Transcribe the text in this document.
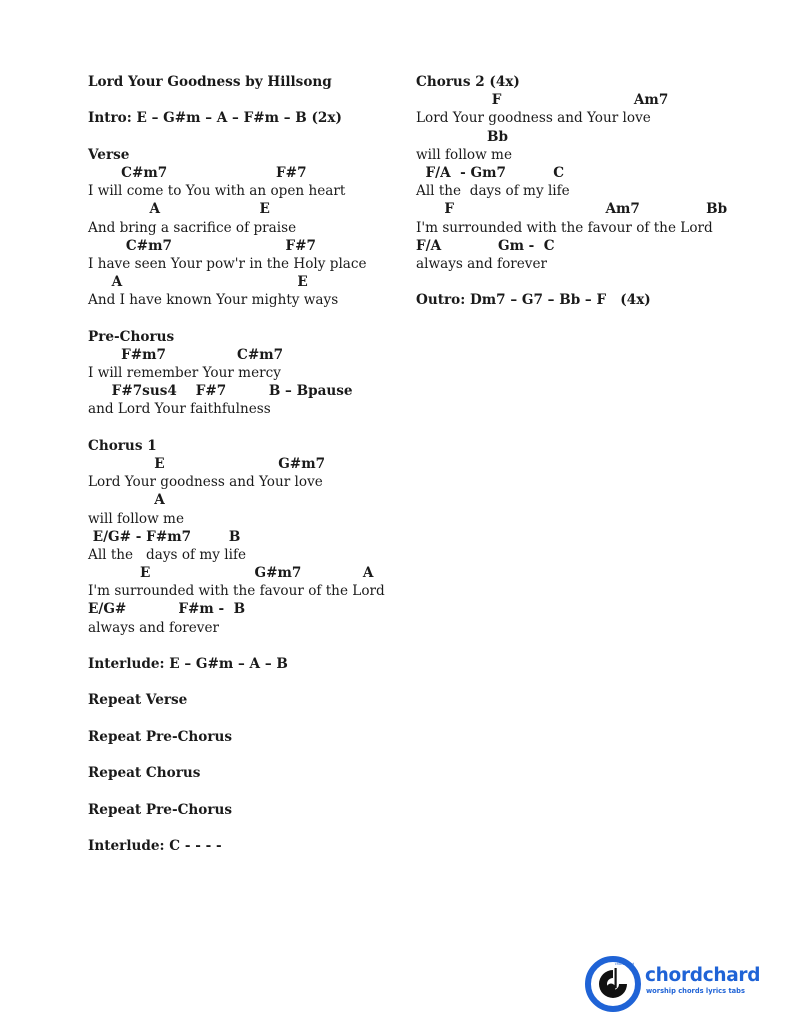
Lord Your Goodness by Hillsong
Intro: E – G#m – A – F#m – B (2x)
Verse
C#m7                       F#7
I will come to You with an open heart
A                     E
And bring a sacrifice of praise
C#m7                        F#7
I have seen Your pow'r in the Holy place
A                                     E
And I have known Your mighty ways
Pre-Chorus
F#m7               C#m7
I will remember Your mercy
F#7sus4    F#7         B – Bpause
and Lord Your faithfulness
Chorus 1
E                        G#m7
Lord Your goodness and Your love
A
will follow me
E/G# - F#m7        B
All the   days of my life
E                      G#m7             A
I'm surrounded with the favour of the Lord
E/G#           F#m -  B
always and forever
Interlude: E – G#m – A – B
Repeat Verse
Repeat Pre-Chorus
Repeat Chorus
Repeat Pre-Chorus
Interlude: C - - - -
Chorus 2 (4x)
F                            Am7
Lord Your goodness and Your love
Bb
will follow me
F/A  - Gm7          C
All the  days of my life
F                                Am7              Bb
I'm surrounded with the favour of the Lord
F/A            Gm -  C
always and forever
Outro: Dm7 – G7 – Bb – F   (4x)
chordchard
chordchard
worship chords lyrics tabs
